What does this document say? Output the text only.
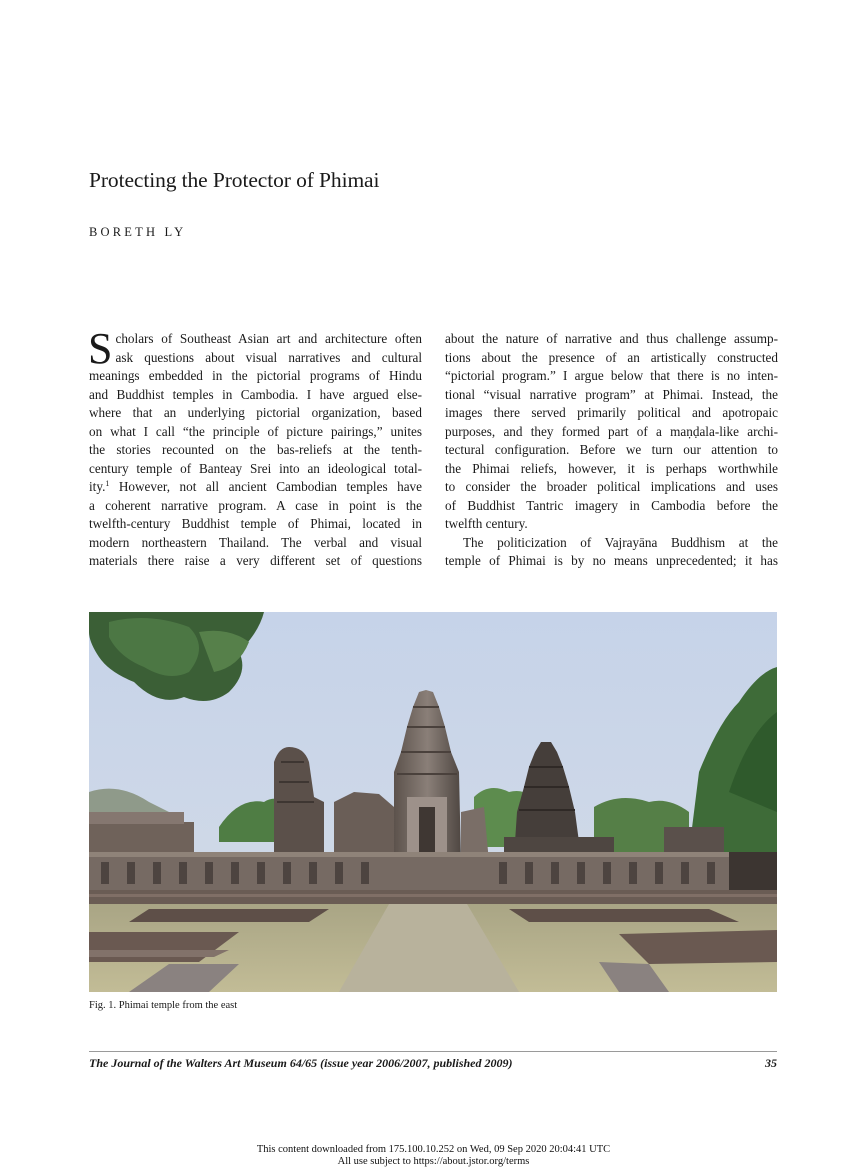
Protecting the Protector of Phimai
BORETH LY
S cholars of Southeast Asian art and architecture often
ask questions about visual narratives and cultural
meanings embedded in the pictorial programs of Hindu
and Buddhist temples in Cambodia. I have argued else-
where that an underlying pictorial organization, based
on what I call “the principle of picture pairings,” unites
the stories recounted on the bas-reliefs at the tenth-
century temple of Banteay Srei into an ideological total-
ity.$^1$ However, not all ancient Cambodian temples have
a coherent narrative program. A case in point is the
twelfth-century Buddhist temple of Phimai, located in
modern northeastern Thailand. The verbal and visual
materials there raise a very different set of questions
about the nature of narrative and thus challenge assump-
tions about the presence of an artistically constructed
“pictorial program.” I argue below that there is no inten-
tional “visual narrative program” at Phimai. Instead, the
images there served primarily political and apotropaic
purposes, and they formed part of a maṇḍala-like archi-
tectural configuration. Before we turn our attention to
the Phimai reliefs, however, it is perhaps worthwhile
to consider the broader political implications and uses
of Buddhist Tantric imagery in Cambodia before the
twelfth century.
The politicization of Vajrayāna Buddhism at the
temple of Phimai is by no means unprecedented; it has
Fig. 1. Phimai temple from the east
The Journal of the Walters Art Museum 64/65 (issue year 2006/2007, published 2009)	35
This content downloaded from 175.100.10.252 on Wed, 09 Sep 2020 20:04:41 UTC
All use subject to https://about.jstor.org/terms
